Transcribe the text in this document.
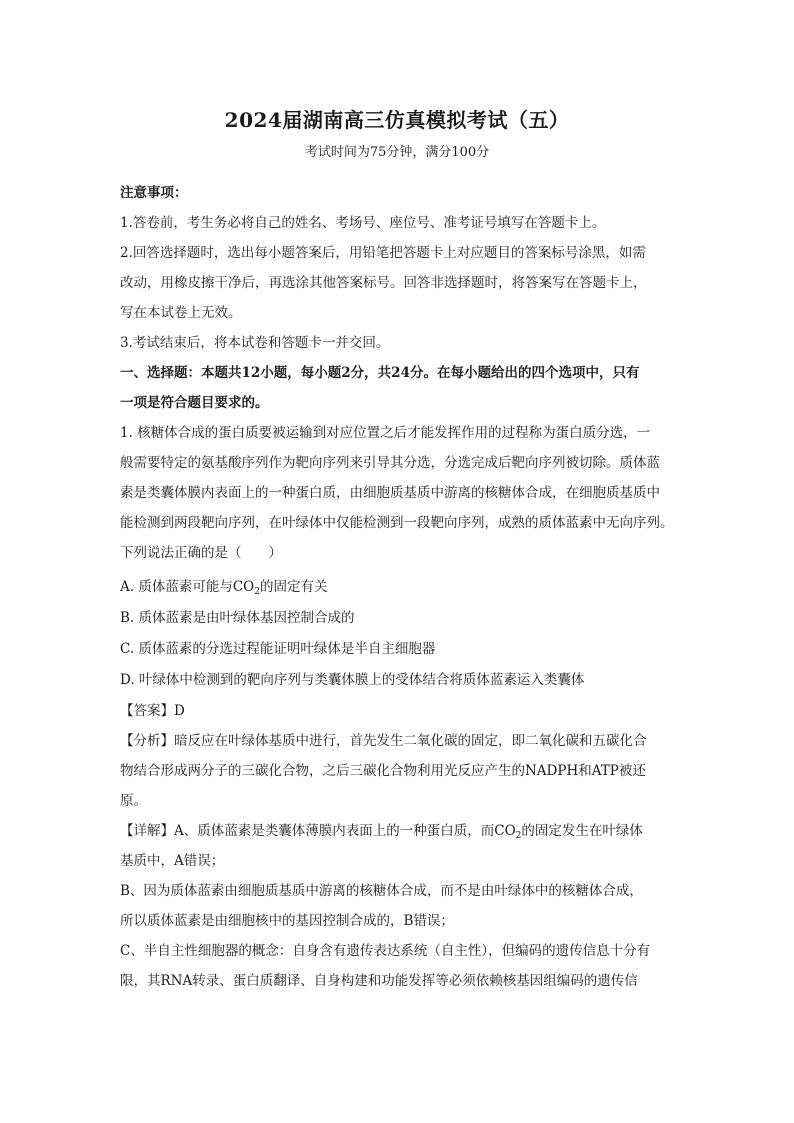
2024届湖南高三仿真模拟考试（五）
考试时间为75分钟，满分100分
注意事项：
1.答卷前，考生务必将自己的姓名、考场号、座位号、准考证号填写在答题卡上。
2.回答选择题时，选出每小题答案后，用铅笔把答题卡上对应题目的答案标号涂黑，如需
改动，用橡皮擦干净后，再选涂其他答案标号。回答非选择题时，将答案写在答题卡上，
写在本试卷上无效。
3.考试结束后，将本试卷和答题卡一并交回。
一、选择题：本题共12小题，每小题2分，共24分。在每小题给出的四个选项中，只有
一项是符合题目要求的。
1. 核糖体合成的蛋白质要被运输到对应位置之后才能发挥作用的过程称为蛋白质分选，一
般需要特定的氨基酸序列作为靶向序列来引导其分选，分选完成后靶向序列被切除。质体蓝
素是类囊体膜内表面上的一种蛋白质，由细胞质基质中游离的核糖体合成，在细胞质基质中
能检测到两段靶向序列，在叶绿体中仅能检测到一段靶向序列，成熟的质体蓝素中无向序列。
下列说法正确的是（　　）
A. 质体蓝素可能与$CO_2$的固定有关
B. 质体蓝素是由叶绿体基因控制合成的
C. 质体蓝素的分选过程能证明叶绿体是半自主细胞器
D. 叶绿体中检测到的靶向序列与类囊体膜上的受体结合将质体蓝素运入类囊体
【答案】D
【分析】暗反应在叶绿体基质中进行，首先发生二氧化碳的固定，即二氧化碳和五碳化合
物结合形成两分子的三碳化合物，之后三碳化合物利用光反应产生的NADPH和ATP被还
原。
【详解】A、质体蓝素是类囊体薄膜内表面上的一种蛋白质，而$CO_2$的固定发生在叶绿体
基质中，A错误；
B、因为质体蓝素由细胞质基质中游离的核糖体合成，而不是由叶绿体中的核糖体合成，
所以质体蓝素是由细胞核中的基因控制合成的，B错误；
C、半自主性细胞器的概念：自身含有遗传表达系统（自主性），但编码的遗传信息十分有
限，其RNA转录、蛋白质翻译、自身构建和功能发挥等必须依赖核基因组编码的遗传信
